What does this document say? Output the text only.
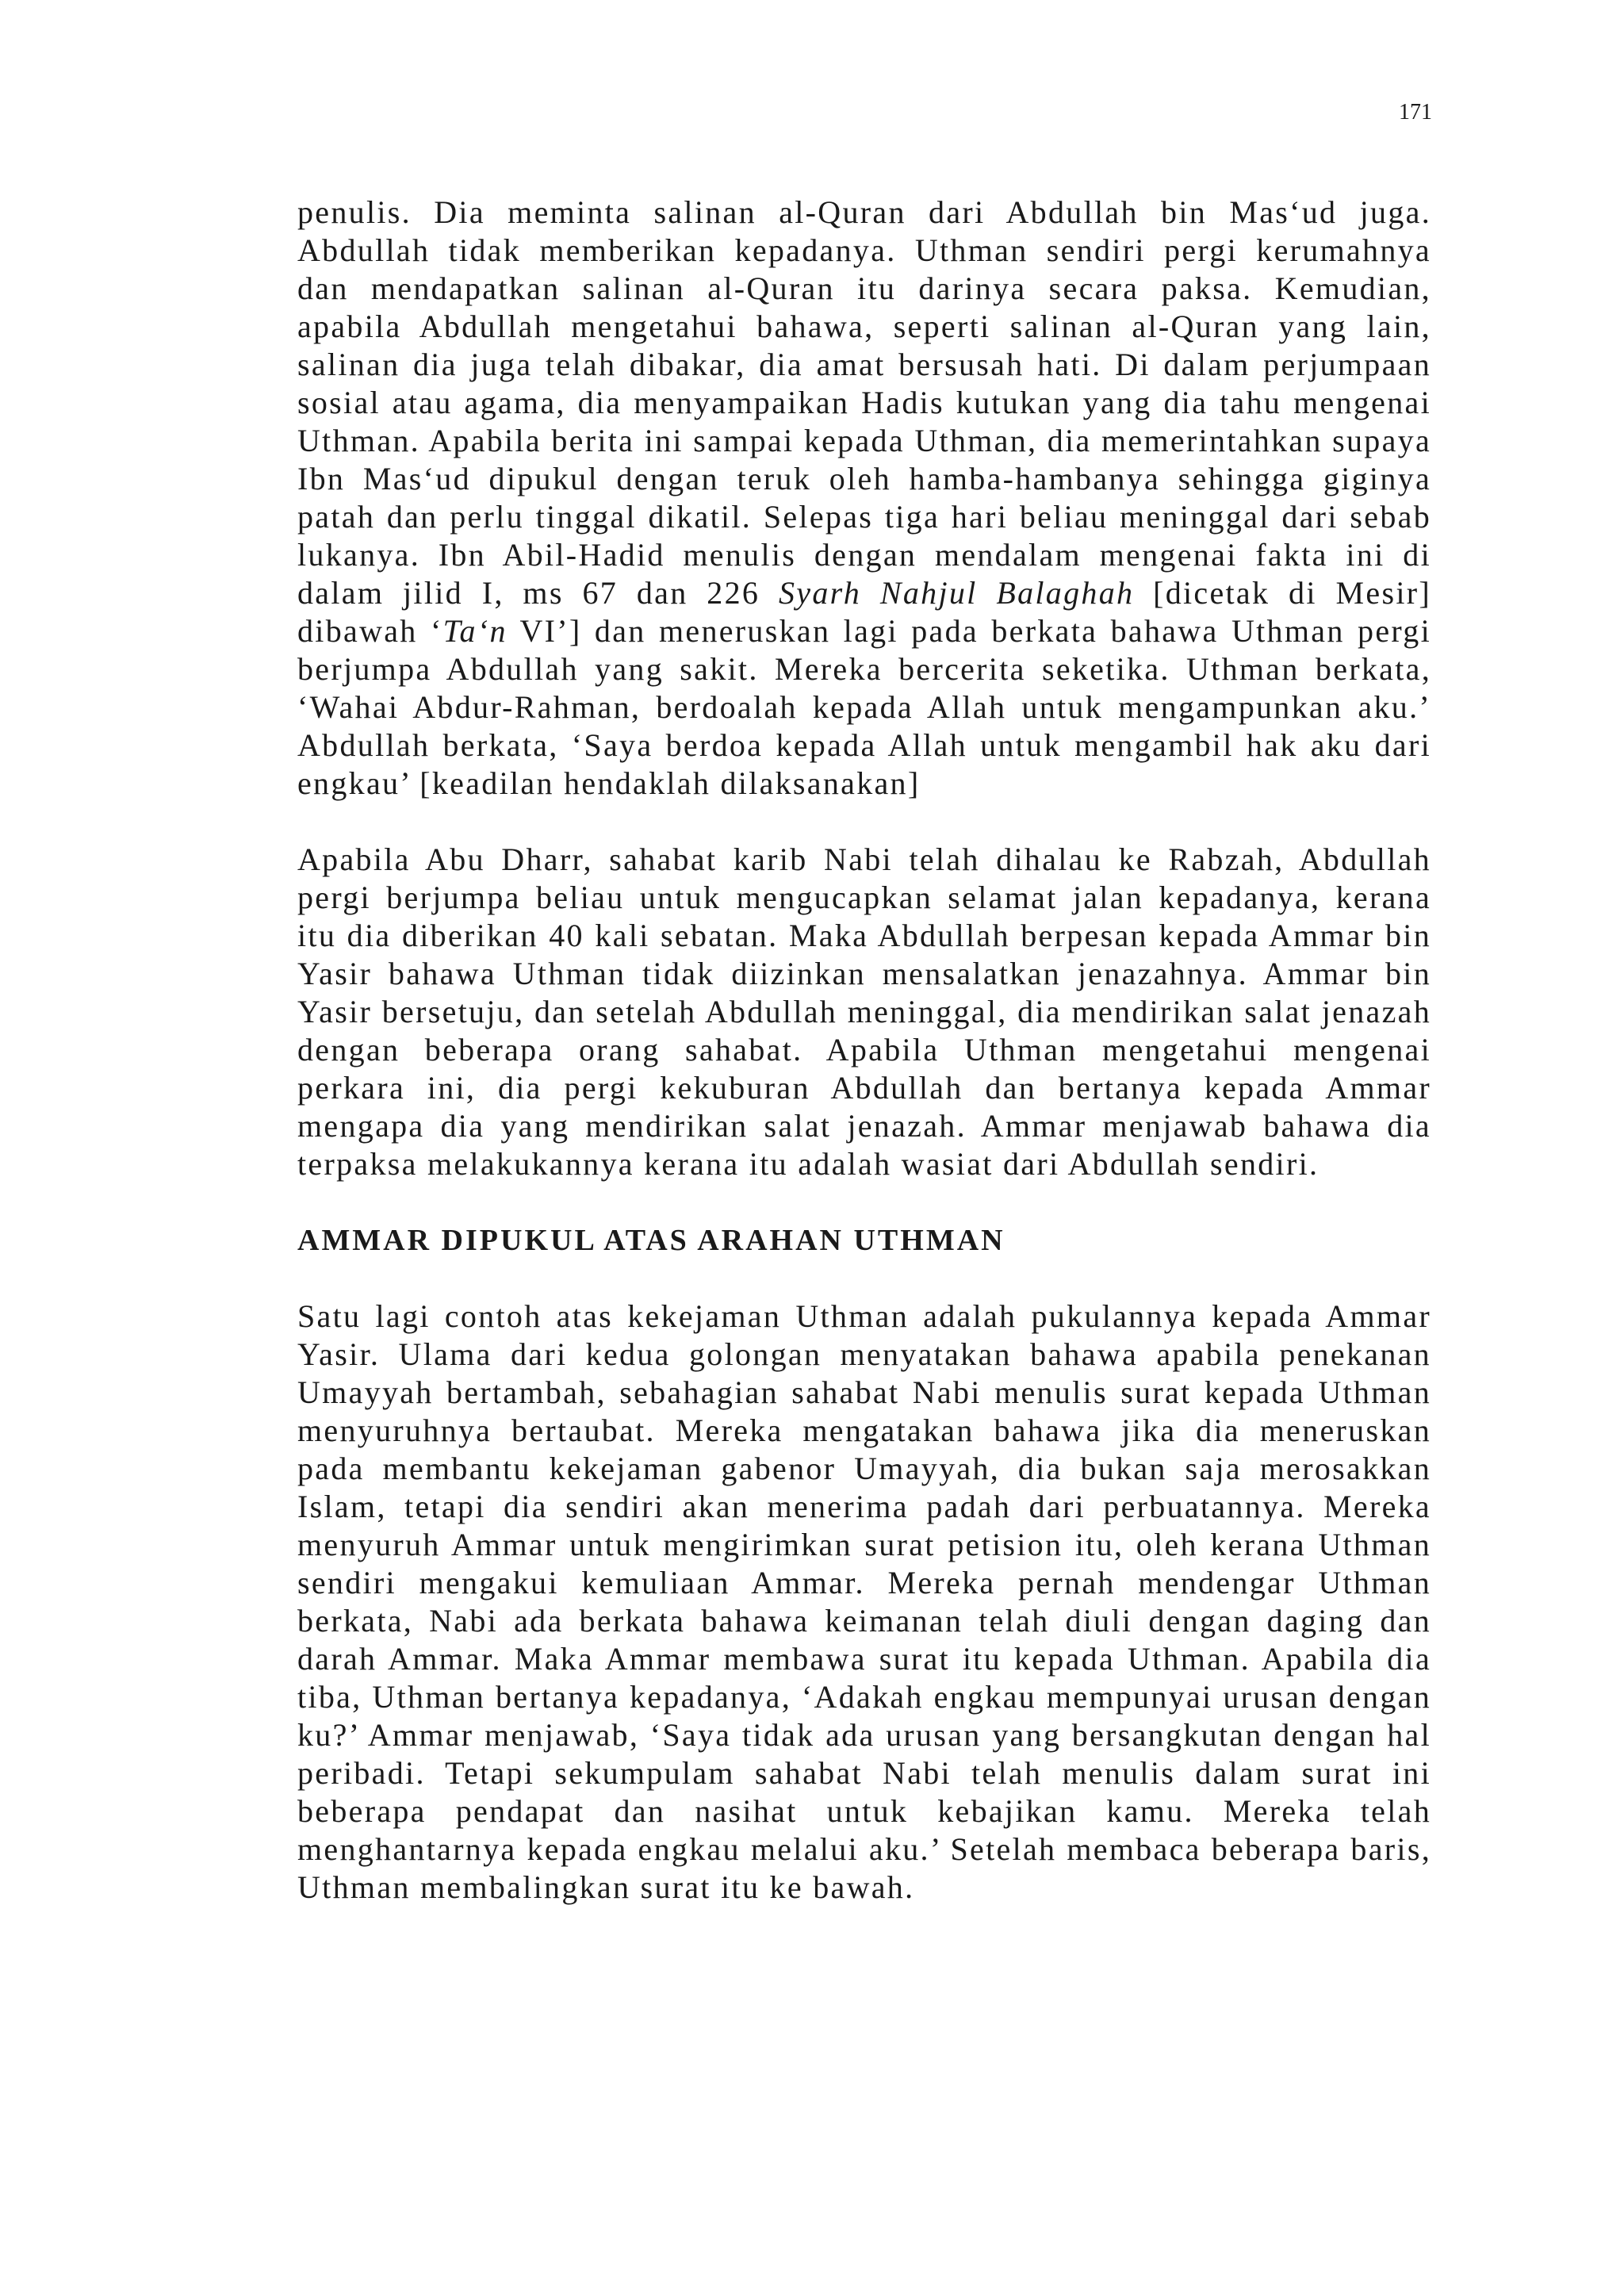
171

penulis. Dia meminta salinan al-Quran dari Abdullah bin Mas‘ud juga. Abdullah tidak memberikan kepadanya. Uthman sendiri pergi kerumahnya dan mendapatkan salinan al-Quran itu darinya secara paksa. Kemudian, apabila Abdullah mengetahui bahawa, seperti salinan al-Quran yang lain, salinan dia juga telah dibakar, dia amat bersusah hati. Di dalam perjumpaan sosial atau agama, dia menyampaikan Hadis kutukan yang dia tahu mengenai Uthman. Apabila berita ini sampai kepada Uthman, dia memerintahkan supaya Ibn Mas‘ud dipukul dengan teruk oleh hamba-hambanya sehingga giginya patah dan perlu tinggal dikatil. Selepas tiga hari beliau meninggal dari sebab lukanya. Ibn Abil-Hadid menulis dengan mendalam mengenai fakta ini di dalam jilid I, ms 67 dan 226 Syarh Nahjul Balaghah [dicetak di Mesir] dibawah ‘Ta‘n VI’] dan meneruskan lagi pada berkata bahawa Uthman pergi berjumpa Abdullah yang sakit. Mereka bercerita seketika. Uthman berkata, ‘Wahai Abdur-Rahman, berdoalah kepada Allah untuk mengampunkan aku.’ Abdullah berkata, ‘Saya berdoa kepada Allah untuk mengambil hak aku dari engkau’ [keadilan hendaklah dilaksanakan]

Apabila Abu Dharr, sahabat karib Nabi telah dihalau ke Rabzah, Abdullah pergi berjumpa beliau untuk mengucapkan selamat jalan kepadanya, kerana itu dia diberikan 40 kali sebatan. Maka Abdullah berpesan kepada Ammar bin Yasir bahawa Uthman tidak diizinkan mensalatkan jenazahnya. Ammar bin Yasir bersetuju, dan setelah Abdullah meninggal, dia mendirikan salat jenazah dengan beberapa orang sahabat. Apabila Uthman mengetahui mengenai perkara ini, dia pergi kekuburan Abdullah dan bertanya kepada Ammar mengapa dia yang mendirikan salat jenazah. Ammar menjawab bahawa dia terpaksa melakukannya kerana itu adalah wasiat dari Abdullah sendiri.

AMMAR DIPUKUL ATAS ARAHAN UTHMAN

Satu lagi contoh atas kekejaman Uthman adalah pukulannya kepada Ammar Yasir. Ulama dari kedua golongan menyatakan bahawa apabila penekanan Umayyah bertambah, sebahagian sahabat Nabi menulis surat kepada Uthman menyuruhnya bertaubat. Mereka mengatakan bahawa jika dia meneruskan pada membantu kekejaman gabenor Umayyah, dia bukan saja merosakkan Islam, tetapi dia sendiri akan menerima padah dari perbuatannya. Mereka menyuruh Ammar untuk mengirimkan surat petision itu, oleh kerana Uthman sendiri mengakui kemuliaan Ammar. Mereka pernah mendengar Uthman berkata, Nabi ada berkata bahawa keimanan telah diuli dengan daging dan darah Ammar. Maka Ammar membawa surat itu kepada Uthman. Apabila dia tiba, Uthman bertanya kepadanya, ‘Adakah engkau mempunyai urusan dengan ku?’ Ammar menjawab, ‘Saya tidak ada urusan yang bersangkutan dengan hal peribadi. Tetapi sekumpulam sahabat Nabi telah menulis dalam surat ini beberapa pendapat dan nasihat untuk kebajikan kamu. Mereka telah menghantarnya kepada engkau melalui aku.’ Setelah membaca beberapa baris, Uthman membalingkan surat itu ke bawah.
